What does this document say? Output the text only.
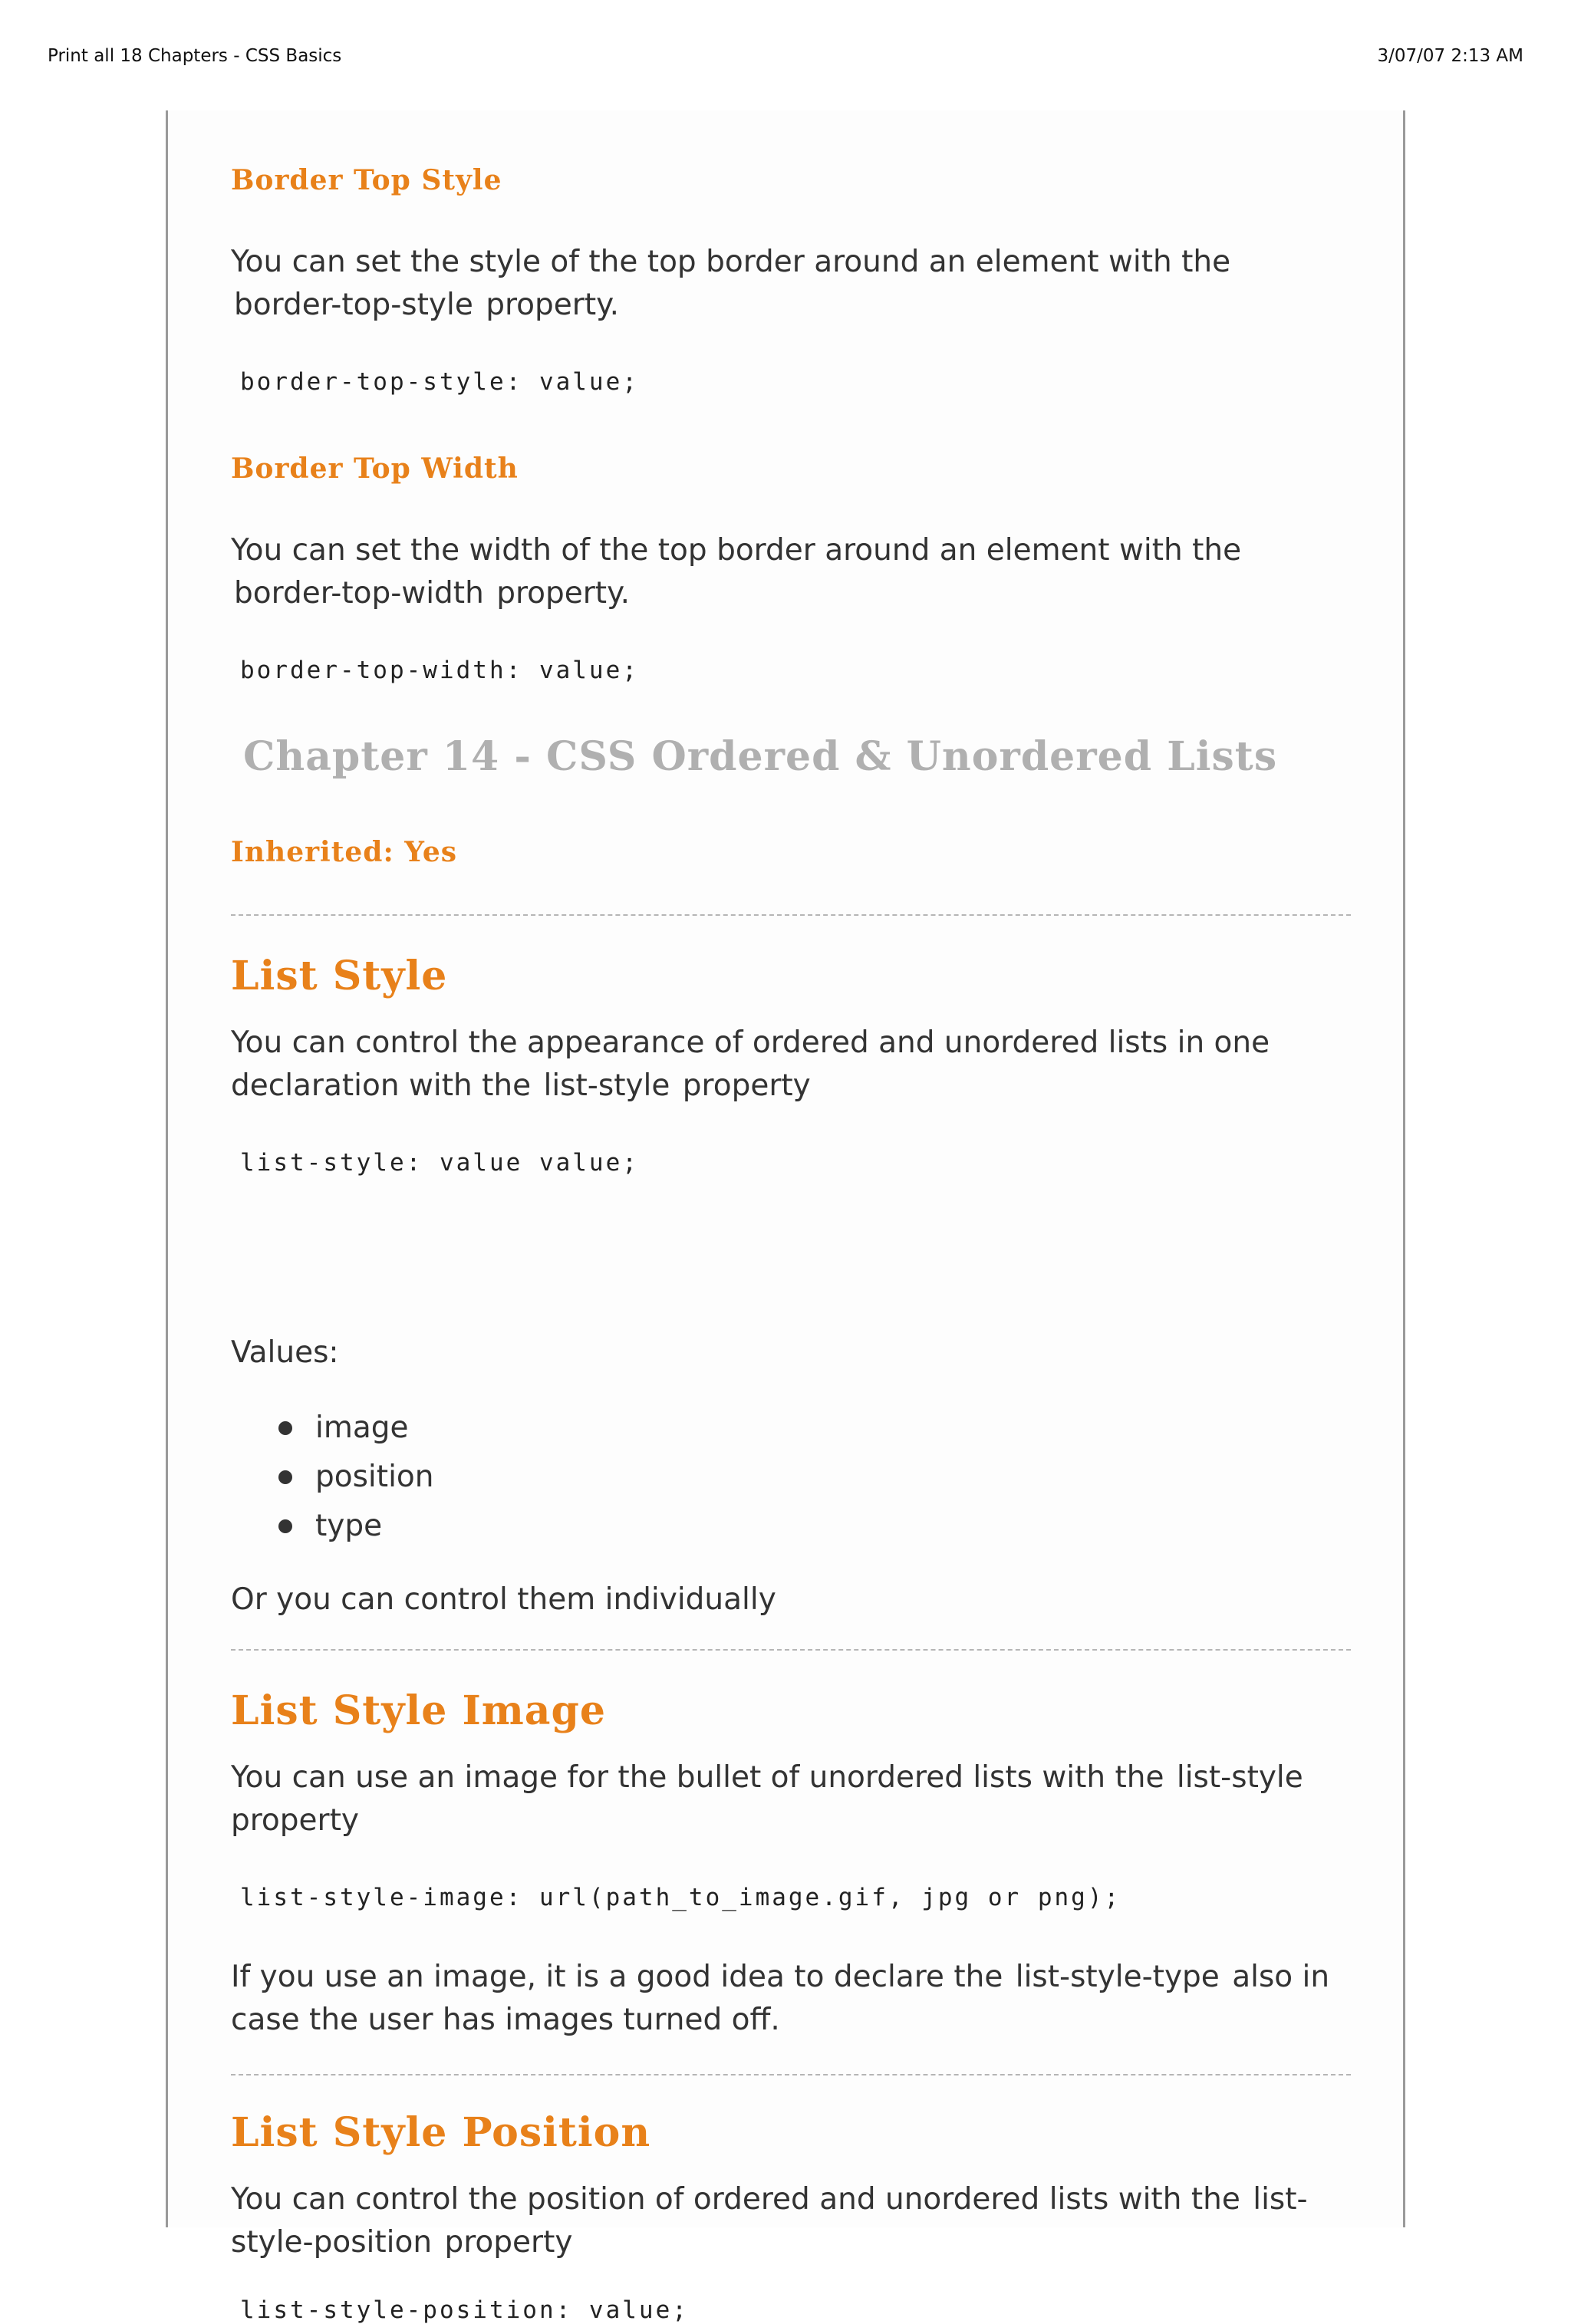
Print all 18 Chapters - CSS Basics	3/07/07 2:13 AM
Border Top Style

You can set the style of the top border around an element with the
border-top-style property.

border-top-style: value;
Border Top Width

You can set the width of the top border around an element with the
border-top-width property.

border-top-width: value;
Chapter 14 - CSS Ordered & Unordered Lists
Inherited: Yes
List Style

You can control the appearance of ordered and unordered lists in one declaration with the list-style property

list-style: value value;

Values:

image
position
type

Or you can control them individually

List Style Image

You can use an image for the bullet of unordered lists with the list-style property

list-style-image: url(path_to_image.gif, jpg or png);

If you use an image, it is a good idea to declare the list-style-type also in case the user has images turned off.

List Style Position

You can control the position of ordered and unordered lists with the list-style-position property

list-style-position: value;
